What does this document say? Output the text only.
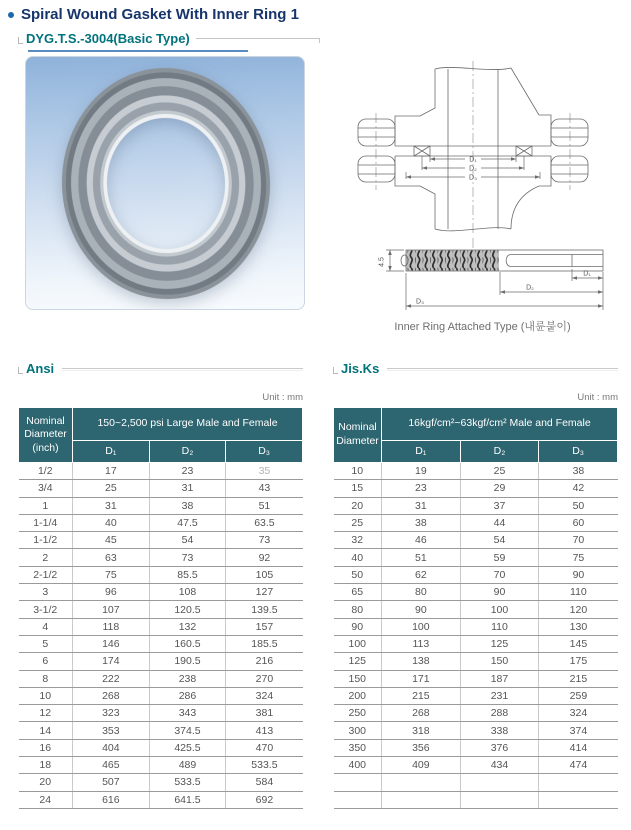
Spiral Wound Gasket With Inner Ring 1
DYG.T.S.-3004(Basic Type)
D₁
D₂
D₃
4.5
D₁
D₂
D₃
Inner Ring Attached Type (내륜붙이)
Ansi
Unit : mm
Nominal Diameter (inch)	150~2,500 psi Large Male and Female		
	D₁	D₂	D₃
1/2	17	23	35
3/4	25	31	43
1	31	38	51
1-1/4	40	47.5	63.5
1-1/2	45	54	73
2	63	73	92
2-1/2	75	85.5	105
3	96	108	127
3-1/2	107	120.5	139.5
4	118	132	157
5	146	160.5	185.5
6	174	190.5	216
8	222	238	270
10	268	286	324
12	323	343	381
14	353	374.5	413
16	404	425.5	470
18	465	489	533.5
20	507	533.5	584
24	616	641.5	692
Jis.Ks
Unit : mm
Nominal Diameter	16kgf/cm²~63kgf/cm² Male and Female		
	D₁	D₂	D₃
10	19	25	38
15	23	29	42
20	31	37	50
25	38	44	60
32	46	54	70
40	51	59	75
50	62	70	90
65	80	90	110
80	90	100	120
90	100	110	130
100	113	125	145
125	138	150	175
150	171	187	215
200	215	231	259
250	268	288	324
300	318	338	374
350	356	376	414
400	409	434	474
